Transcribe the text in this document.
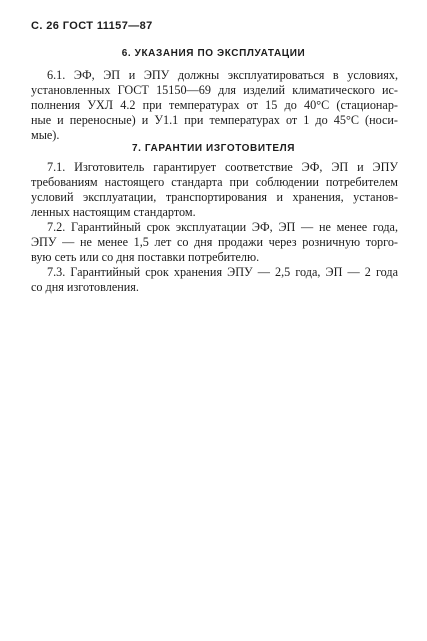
С. 26 ГОСТ 11157—87
6. УКАЗАНИЯ ПО ЭКСПЛУАТАЦИИ
6.1. ЭФ, ЭП и ЭПУ должны эксплуатироваться в условиях,
установленных ГОСТ 15150—69 для изделий климатического ис-
полнения УХЛ 4.2 при температурах от 15 до 40°С (стационар-
ные и переносные) и У1.1 при температурах от 1 до 45°С (носи-
мые).
7. ГАРАНТИИ ИЗГОТОВИТЕЛЯ
7.1. Изготовитель гарантирует соответствие ЭФ, ЭП и ЭПУ
требованиям настоящего стандарта при соблюдении потребителем
условий эксплуатации, транспортирования и хранения, установ-
ленных настоящим стандартом.
7.2. Гарантийный срок эксплуатации ЭФ, ЭП — не менее года,
ЭПУ — не менее 1,5 лет со дня продажи через розничную торго-
вую сеть или со дня поставки потребителю.
7.3. Гарантийный срок хранения ЭПУ — 2,5 года, ЭП — 2 года
со дня изготовления.
